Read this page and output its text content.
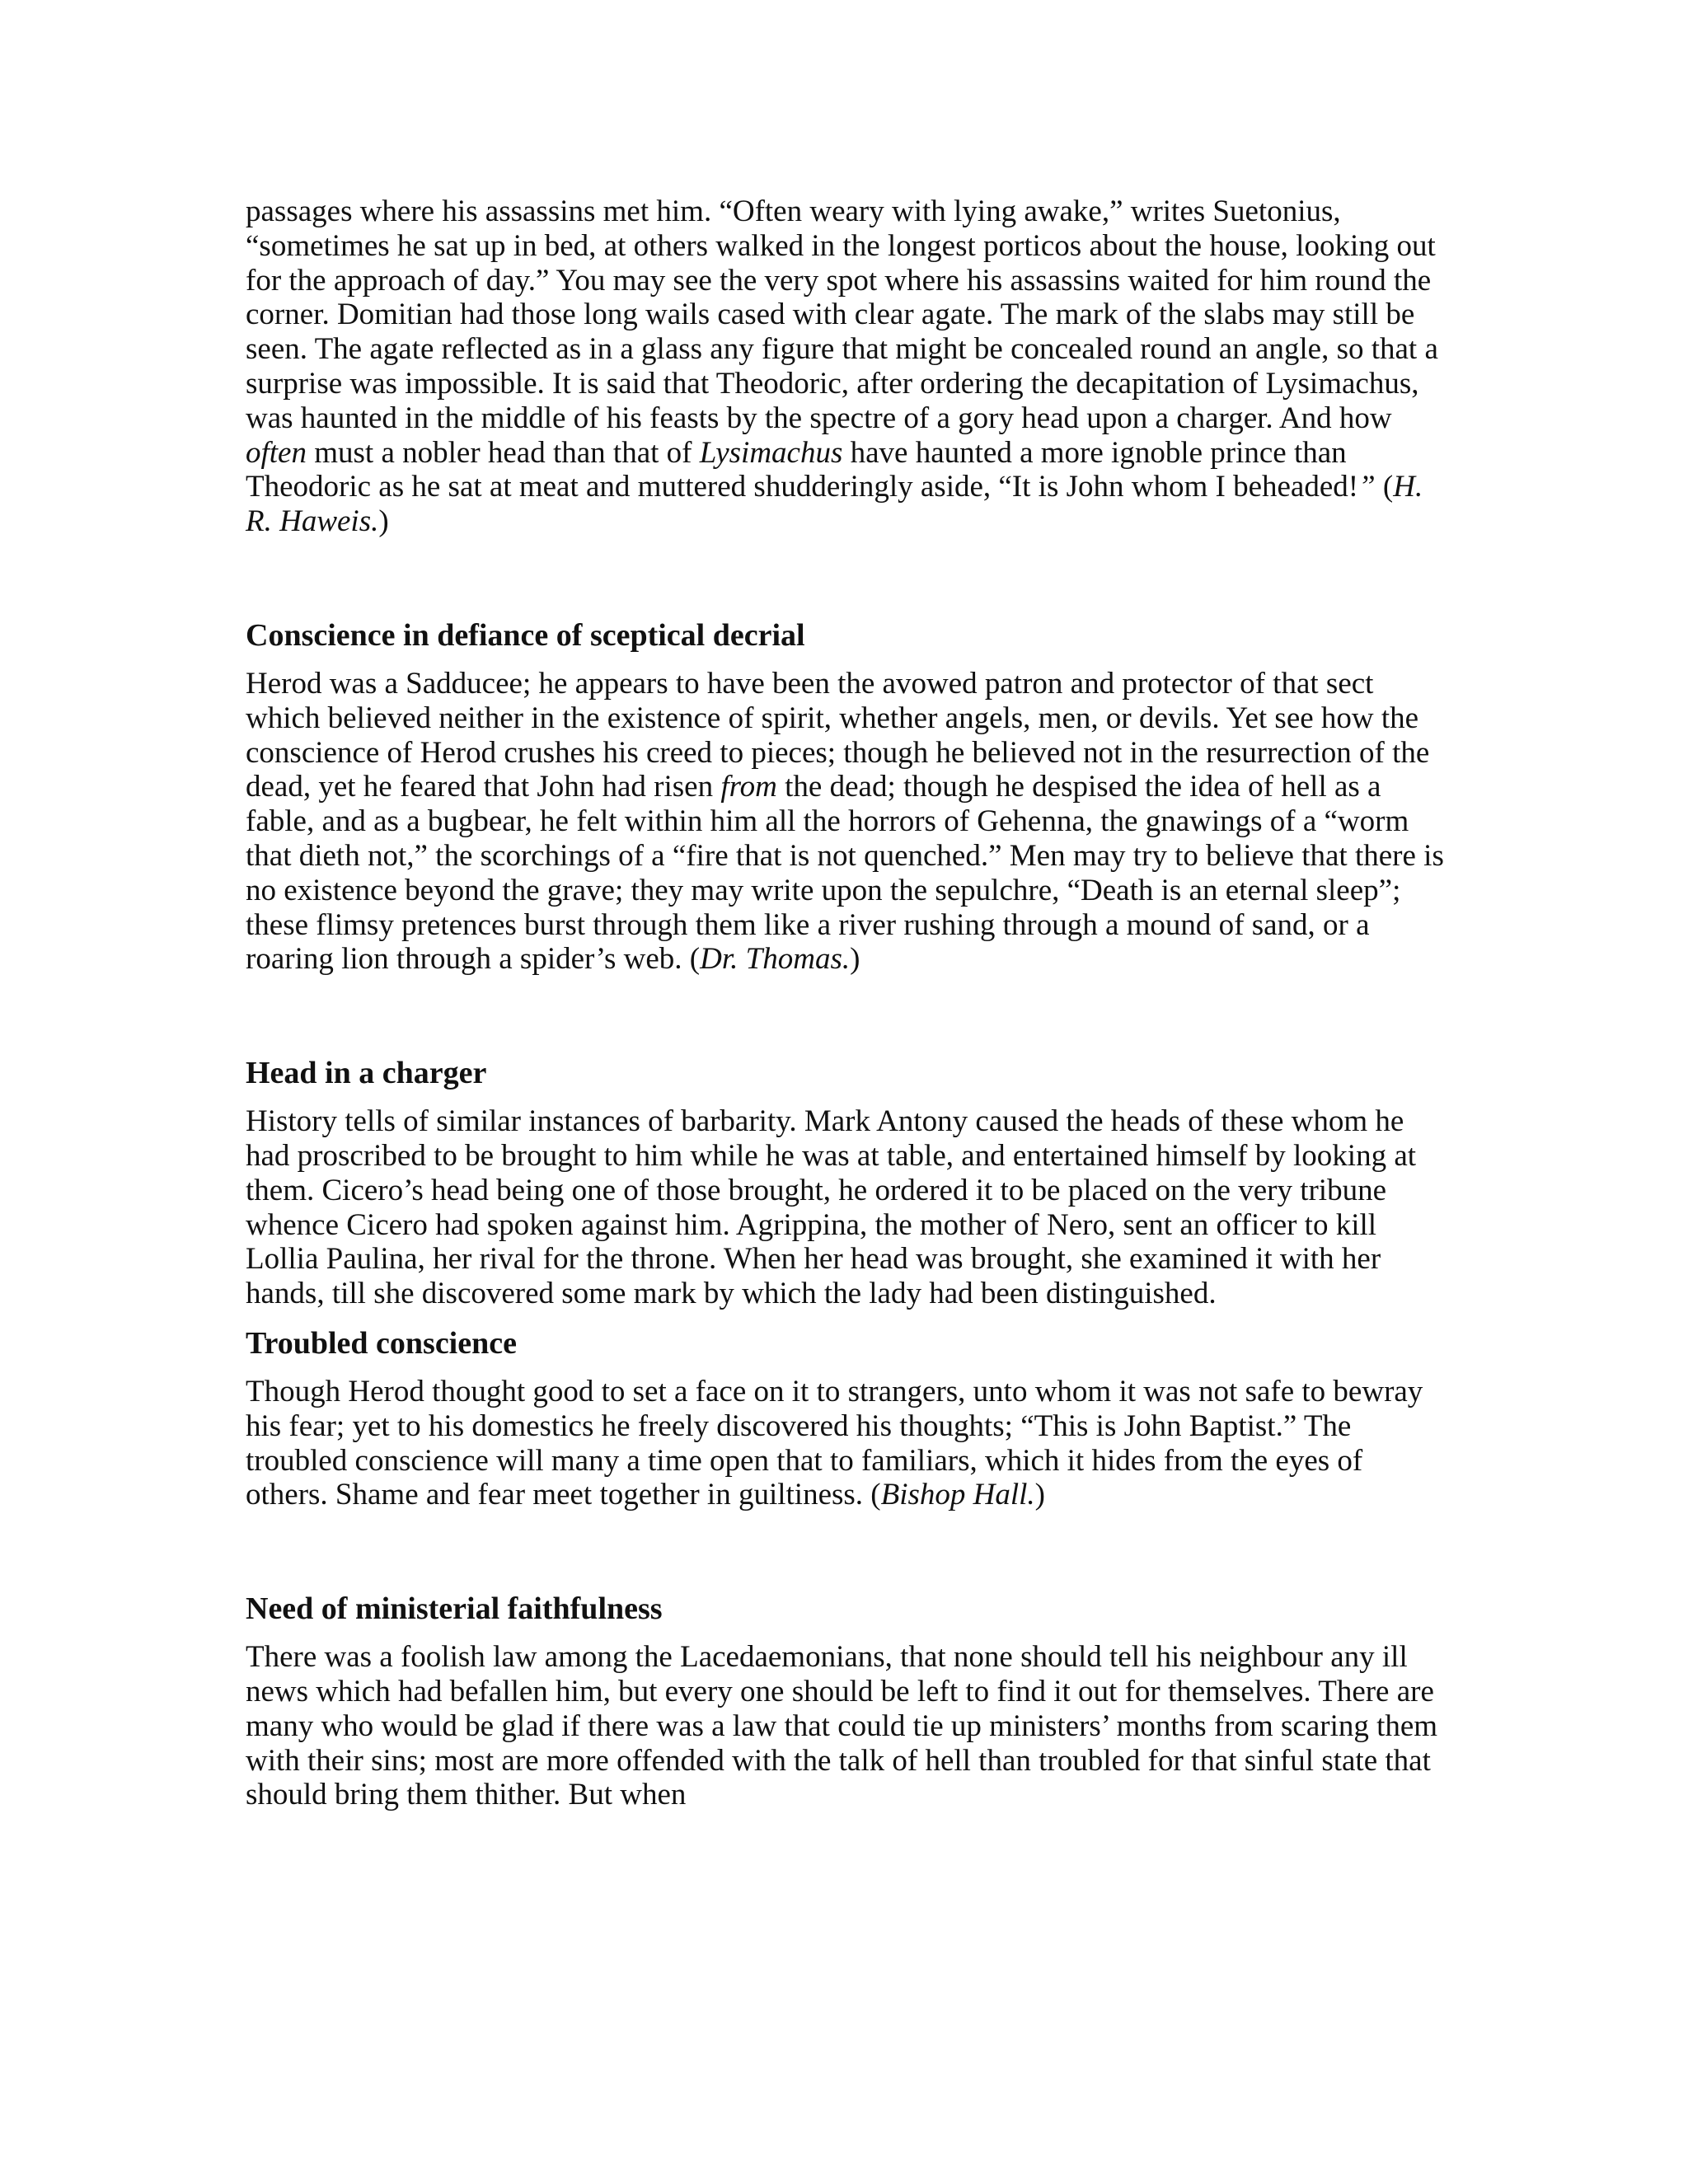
passages where his assassins met him. “Often weary with lying awake,” writes Suetonius, “sometimes he sat up in bed, at others walked in the longest porticos about the house, looking out for the approach of day.” You may see the very spot where his assassins waited for him round the corner. Domitian had those long wails cased with clear agate. The mark of the slabs may still be seen. The agate reflected as in a glass any figure that might be concealed round an angle, so that a surprise was impossible. It is said that Theodoric, after ordering the decapitation of Lysimachus, was haunted in the middle of his feasts by the spectre of a gory head upon a charger. And how often must a nobler head than that of Lysimachus have haunted a more ignoble prince than Theodoric as he sat at meat and muttered shudderingly aside, “It is John whom I beheaded!” (H. R. Haweis.)

Conscience in defiance of sceptical decrial

Herod was a Sadducee; he appears to have been the avowed patron and protector of that sect which believed neither in the existence of spirit, whether angels, men, or devils. Yet see how the conscience of Herod crushes his creed to pieces; though he believed not in the resurrection of the dead, yet he feared that John had risen from the dead; though he despised the idea of hell as a fable, and as a bugbear, he felt within him all the horrors of Gehenna, the gnawings of a “worm that dieth not,” the scorchings of a “fire that is not quenched.” Men may try to believe that there is no existence beyond the grave; they may write upon the sepulchre, “Death is an eternal sleep”; these flimsy pretences burst through them like a river rushing through a mound of sand, or a roaring lion through a spider’s web. (Dr. Thomas.)

Head in a charger

History tells of similar instances of barbarity. Mark Antony caused the heads of these whom he had proscribed to be brought to him while he was at table, and entertained himself by looking at them. Cicero’s head being one of those brought, he ordered it to be placed on the very tribune whence Cicero had spoken against him. Agrippina, the mother of Nero, sent an officer to kill Lollia Paulina, her rival for the throne. When her head was brought, she examined it with her hands, till she discovered some mark by which the lady had been distinguished.

Troubled conscience

Though Herod thought good to set a face on it to strangers, unto whom it was not safe to bewray his fear; yet to his domestics he freely discovered his thoughts; “This is John Baptist.” The troubled conscience will many a time open that to familiars, which it hides from the eyes of others. Shame and fear meet together in guiltiness. (Bishop Hall.)

Need of ministerial faithfulness

There was a foolish law among the Lacedaemonians, that none should tell his neighbour any ill news which had befallen him, but every one should be left to find it out for themselves. There are many who would be glad if there was a law that could tie up ministers’ months from scaring them with their sins; most are more offended with the talk of hell than troubled for that sinful state that should bring them thither. But when
